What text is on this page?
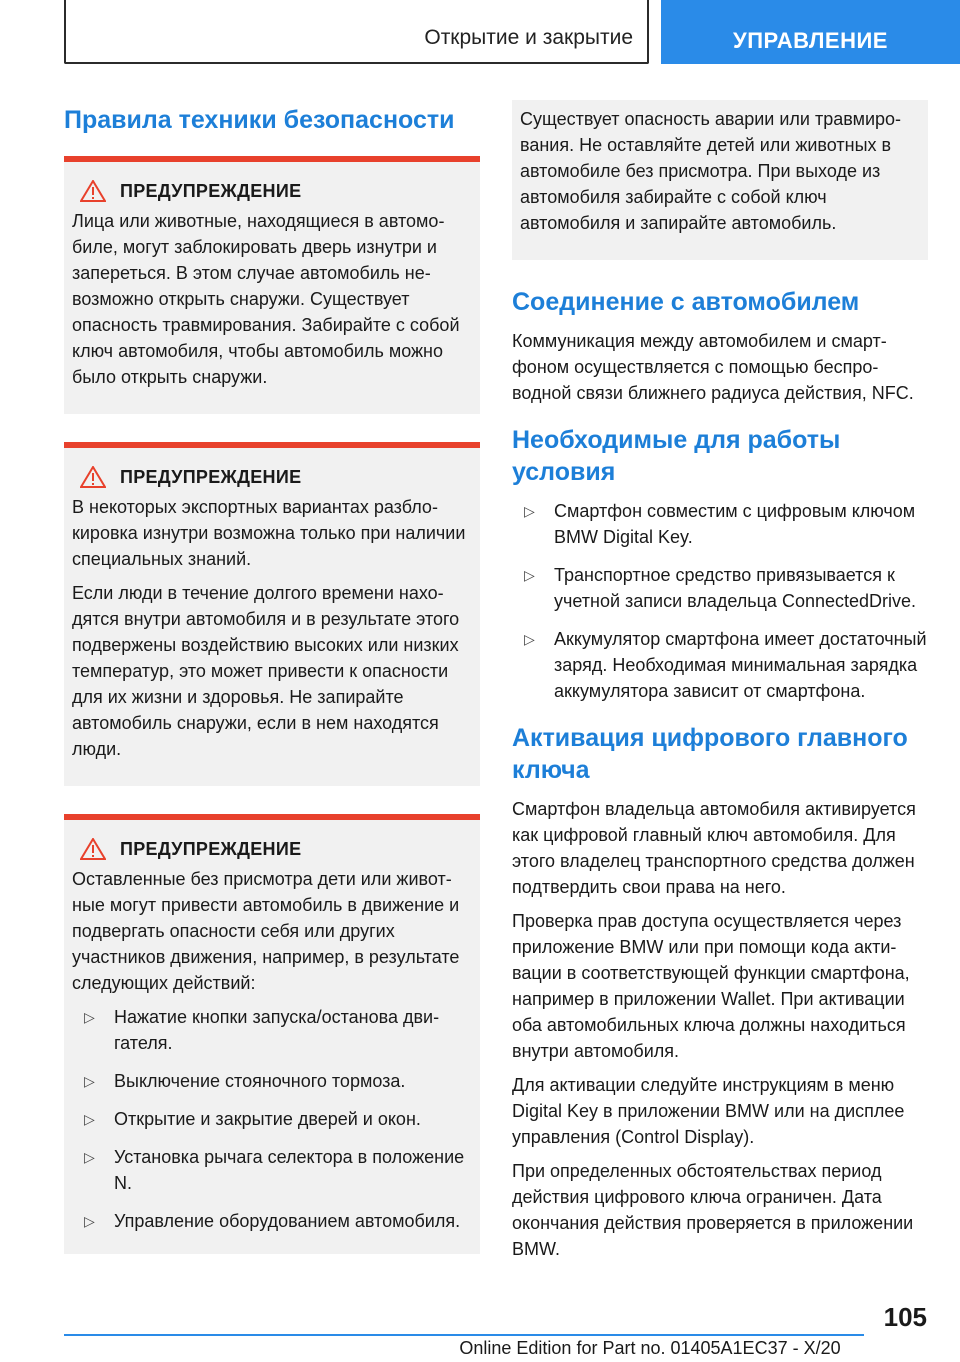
Открытие и закрытие	УПРАВЛЕНИЕ
Правила техники безопасности
ПРЕДУПРЕЖДЕНИЕ

Лица или животные, находящиеся в автомобиле, могут заблокировать дверь изнутри и запереться. В этом случае автомобиль невозможно открыть снаружи. Существует опасность травмирования. Забирайте с собой ключ автомобиля, чтобы автомобиль можно было открыть снаружи.

ПРЕДУПРЕЖДЕНИЕ

В некоторых экспортных вариантах разблокировка изнутри возможна только при наличии специальных знаний.

Если люди в течение долгого времени находятся внутри автомобиля и в результате этого подвержены воздействию высоких или низких температур, это может привести к опасности для их жизни и здоровья. Не запирайте автомобиль снаружи, если в нем находятся люди.

ПРЕДУПРЕЖДЕНИЕ

Оставленные без присмотра дети или животные могут привести автомобиль в движение и подвергать опасности себя или других участников движения, например, в результате следующих действий:

▷ Нажатие кнопки запуска/останова двигателя.
▷ Выключение стояночного тормоза.
▷ Открытие и закрытие дверей и окон.
▷ Установка рычага селектора в положение N.
▷ Управление оборудованием автомобиля.

Существует опасность аварии или травмирования. Не оставляйте детей или животных в автомобиле без присмотра. При выходе из автомобиля забирайте с собой ключ автомобиля и запирайте автомобиль.

Соединение с автомобилем

Коммуникация между автомобилем и смартфоном осуществляется с помощью беспроводной связи ближнего радиуса действия, NFC.

Необходимые для работы условия
▷ Смартфон совместим с цифровым ключом BMW Digital Key.
▷ Транспортное средство привязывается к учетной записи владельца ConnectedDrive.
▷ Аккумулятор смартфона имеет достаточный заряд. Необходимая минимальная зарядка аккумулятора зависит от смартфона.
Активация цифрового главного ключа

Смартфон владельца автомобиля активируется как цифровой главный ключ автомобиля. Для этого владелец транспортного средства должен подтвердить свои права на него.

Проверка прав доступа осуществляется через приложение BMW или при помощи кода активации в соответствующей функции смартфона, например в приложении Wallet. При активации оба автомобильных ключа должны находиться внутри автомобиля.

Для активации следуйте инструкциям в меню Digital Key в приложении BMW или на дисплее управления (Control Display).

При определенных обстоятельствах период действия цифрового ключа ограничен. Дата окончания действия проверяется в приложении BMW.

105
Online Edition for Part no. 01405A1EC37 - X/20
